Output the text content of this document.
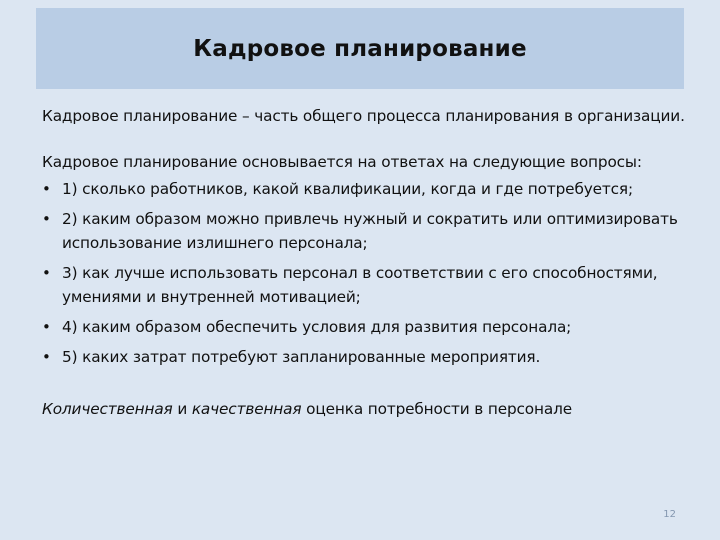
Кадровое планирование

Кадровое планирование – часть общего процесса планирования в организации.

Кадровое планирование основывается на ответах на следующие вопросы:

• 1) сколько работников, какой квалификации, когда и где потребуется;
• 2) каким образом можно привлечь нужный и сократить или оптимизировать использование излишнего персонала;
• 3) как лучше использовать персонал в соответствии с его способностями, умениями и внутренней мотивацией;
• 4) каким образом обеспечить условия для развития персонала;
• 5) каких затрат потребуют запланированные мероприятия.

Количественная и качественная оценка потребности в персонале

12
